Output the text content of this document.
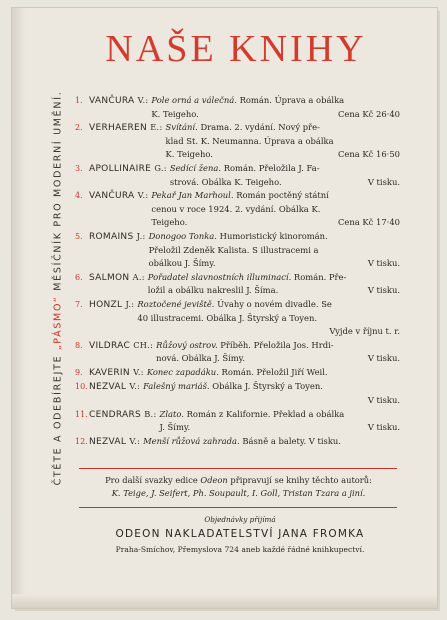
ČTĚTE A ODEBÍREJTE „PÁSMO“ MĚSÍČNÍK PRO MODERNÍ UMĚNÍ.
NAŠE KNIHY
1. VANČURA V.: Pole orná a válečná. Román. Úprava a obálka
K. Teigeho.	Cena Kč 26·40
2. VERHAEREN E.: Svítání. Drama. 2. vydání. Nový pře-
klad St. K. Neumanna. Úprava a obálka
K. Teigeho.	Cena Kč 16·50
3. APOLLINAIRE G.: Sedící žena. Román. Přeložila J. Fa-
strová. Obálka K. Teigeho.	V tisku.
4. VANČURA V.: Pekař Jan Marhoul. Román poctěný státní
cenou v roce 1924. 2. vydání. Obálka K.
Teigeho.	Cena Kč 17·40
5. ROMAINS J.: Donogoo Tonka. Humoristický kinoromán.
Přeložil Zdeněk Kalista. S illustracemi a
obálkou J. Šímy.	V tisku.
6. SALMON A.: Pořadatel slavnostních illuminací. Román. Pře-
ložil a obálku nakreslil J. Šíma.	V tisku.
7. HONZL J.: Roztočené jeviště. Úvahy o novém divadle. Se
40 illustracemi. Obálka J. Štyrský a Toyen.
Vyjde v říjnu t. r.
8. VILDRAC CH.: Růžový ostrov. Příběh. Přeložila Jos. Hrdi-
nová. Obálka J. Šímy.	V tisku.
9. KAVERIN V.: Konec zapadáku. Román. Přeložil Jiří Weil.
10. NEZVAL V.: Falešný mariáš. Obálka J. Štyrský a Toyen.
V tisku.
11. CENDRARS B.: Zlato. Román z Kalifornie. Překlad a obálka
J. Šímy.	V tisku.
12. NEZVAL V.: Menší růžová zahrada. Básně a balety. V tisku.
Pro další svazky edice Odeon připravují se knihy těchto autorů:
K. Teige, J. Seifert, Ph. Soupault, I. Goll, Tristan Tzara a jiní.
Objednávky přijímá
ODEON NAKLADATELSTVÍ JANA FROMKA
Praha-Smíchov, Přemyslova 724 aneb každé řádné knihkupectví.
